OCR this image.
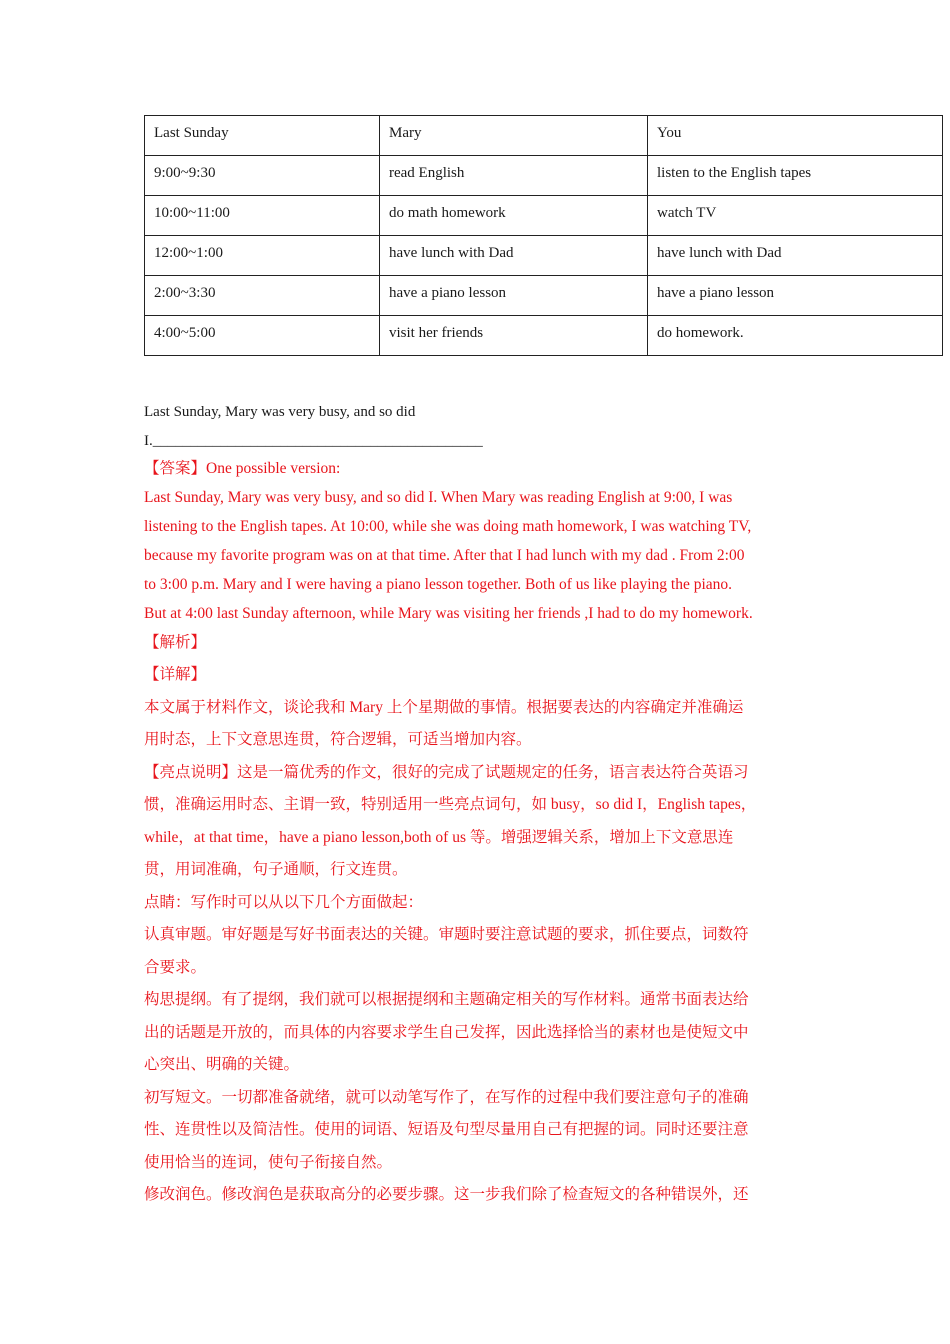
Last Sunday	Mary	You
9:00~9:30	read English	listen to the English tapes
10:00~11:00	do math homework	watch TV
12:00~1:00	have lunch with Dad	have lunch with Dad
2:00~3:30	have a piano lesson	have a piano lesson
4:00~5:00	visit her friends	do homework.

Last Sunday, Mary was very busy, and so did

I.____________________________________________

【答案】One possible version:

Last Sunday, Mary was very busy, and so did I. When Mary was reading English at 9:00, I was

listening to the English tapes. At 10:00, while she was doing math homework, I was watching TV,

because my favorite program was on at that time. After that I had lunch with my dad . From 2:00

to 3:00 p.m. Mary and I were having a piano lesson together. Both of us like playing the piano.

But at 4:00 last Sunday afternoon, while Mary was visiting her friends ,I had to do my homework.

【解析】

【详解】

本文属于材料作文，谈论我和 Mary 上个星期做的事情。根据要表达的内容确定并准确运

用时态，上下文意思连贯，符合逻辑，可适当增加内容。

【亮点说明】这是一篇优秀的作文，很好的完成了试题规定的任务，语言表达符合英语习

惯，准确运用时态、主谓一致，特别适用一些亮点词句，如 busy，so did I，English tapes，

while，at that time，have a piano lesson,both of us 等。增强逻辑关系，增加上下文意思连

贯，用词准确，句子通顺，行文连贯。

点睛：写作时可以从以下几个方面做起：

认真审题。审好题是写好书面表达的关键。审题时要注意试题的要求，抓住要点，词数符

合要求。

构思提纲。有了提纲，我们就可以根据提纲和主题确定相关的写作材料。通常书面表达给

出的话题是开放的，而具体的内容要求学生自己发挥，因此选择恰当的素材也是使短文中

心突出、明确的关键。

初写短文。一切都准备就绪，就可以动笔写作了，在写作的过程中我们要注意句子的准确

性、连贯性以及简洁性。使用的词语、短语及句型尽量用自己有把握的词。同时还要注意

使用恰当的连词，使句子衔接自然。

修改润色。修改润色是获取高分的必要步骤。这一步我们除了检查短文的各种错误外，还
